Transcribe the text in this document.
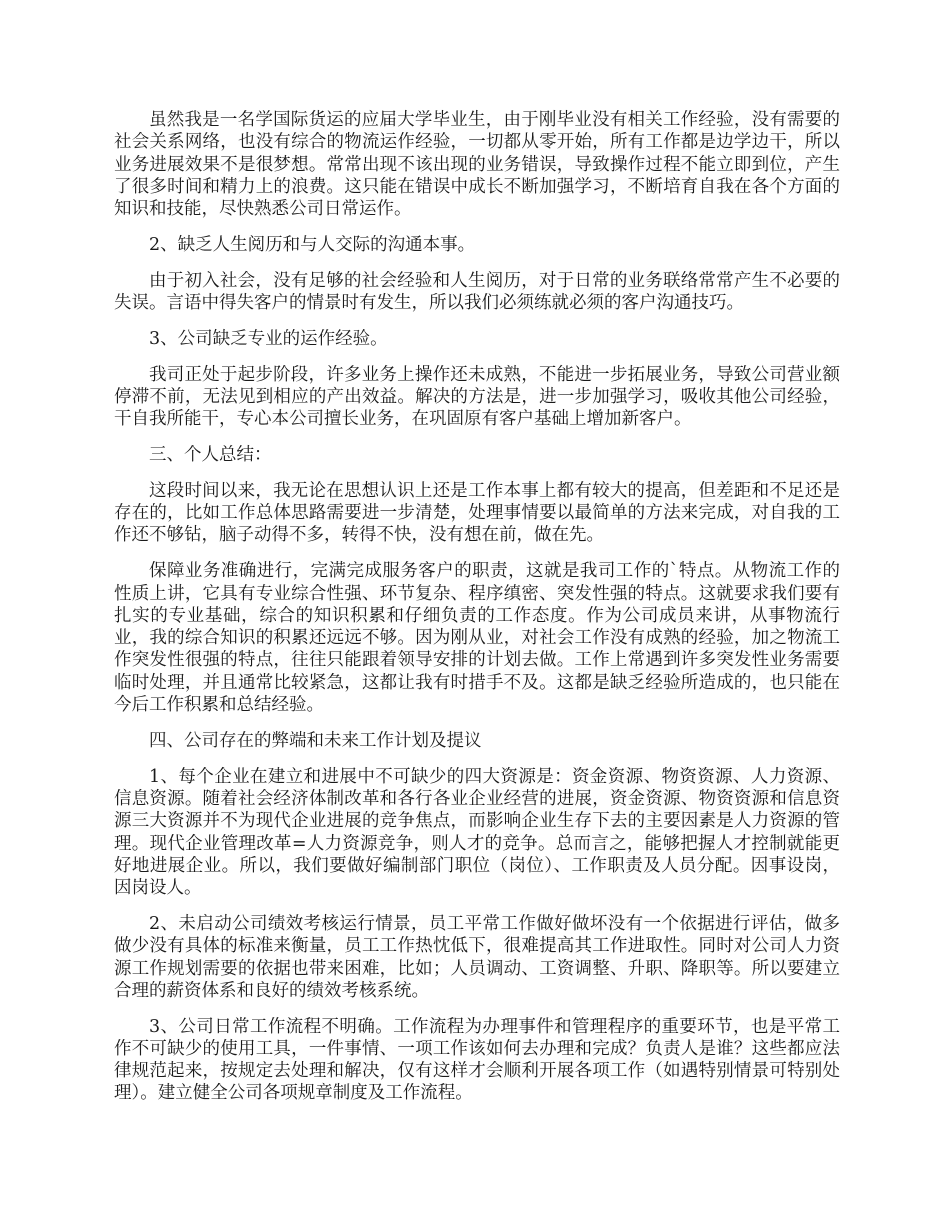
虽然我是一名学国际货运的应届大学毕业生，由于刚毕业没有相关工作经验，没有需要的社会关系网络，也没有综合的物流运作经验，一切都从零开始，所有工作都是边学边干，所以业务进展效果不是很梦想。常常出现不该出现的业务错误，导致操作过程不能立即到位，产生了很多时间和精力上的浪费。这只能在错误中成长不断加强学习，不断培育自我在各个方面的知识和技能，尽快熟悉公司日常运作。

2、缺乏人生阅历和与人交际的沟通本事。

由于初入社会，没有足够的社会经验和人生阅历，对于日常的业务联络常常产生不必要的失误。言语中得失客户的情景时有发生，所以我们必须练就必须的客户沟通技巧。

3、公司缺乏专业的运作经验。

我司正处于起步阶段，许多业务上操作还未成熟，不能进一步拓展业务，导致公司营业额停滞不前，无法见到相应的产出效益。解决的方法是，进一步加强学习，吸收其他公司经验，干自我所能干，专心本公司擅长业务，在巩固原有客户基础上增加新客户。

三、个人总结：

这段时间以来，我无论在思想认识上还是工作本事上都有较大的提高，但差距和不足还是存在的，比如工作总体思路需要进一步清楚，处理事情要以最简单的方法来完成，对自我的工作还不够钻，脑子动得不多，转得不快，没有想在前，做在先。

保障业务准确进行，完满完成服务客户的职责，这就是我司工作的`特点。从物流工作的性质上讲，它具有专业综合性强、环节复杂、程序缜密、突发性强的特点。这就要求我们要有扎实的专业基础，综合的知识积累和仔细负责的工作态度。作为公司成员来讲，从事物流行业，我的综合知识的积累还远远不够。因为刚从业，对社会工作没有成熟的经验，加之物流工作突发性很强的特点，往往只能跟着领导安排的计划去做。工作上常遇到许多突发性业务需要临时处理，并且通常比较紧急，这都让我有时措手不及。这都是缺乏经验所造成的，也只能在今后工作积累和总结经验。

四、公司存在的弊端和未来工作计划及提议

1、每个企业在建立和进展中不可缺少的四大资源是：资金资源、物资资源、人力资源、信息资源。随着社会经济体制改革和各行各业企业经营的进展，资金资源、物资资源和信息资源三大资源并不为现代企业进展的竞争焦点，而影响企业生存下去的主要因素是人力资源的管理。现代企业管理改革=人力资源竞争，则人才的竞争。总而言之，能够把握人才控制就能更好地进展企业。所以，我们要做好编制部门职位（岗位）、工作职责及人员分配。因事设岗，因岗设人。

2、未启动公司绩效考核运行情景，员工平常工作做好做坏没有一个依据进行评估，做多做少没有具体的标准来衡量，员工工作热忱低下，很难提高其工作进取性。同时对公司人力资源工作规划需要的依据也带来困难，比如；人员调动、工资调整、升职、降职等。所以要建立合理的薪资体系和良好的绩效考核系统。

3、公司日常工作流程不明确。工作流程为办理事件和管理程序的重要环节，也是平常工作不可缺少的使用工具，一件事情、一项工作该如何去办理和完成？负责人是谁？这些都应法律规范起来，按规定去处理和解决，仅有这样才会顺利开展各项工作（如遇特别情景可特别处理）。建立健全公司各项规章制度及工作流程。
